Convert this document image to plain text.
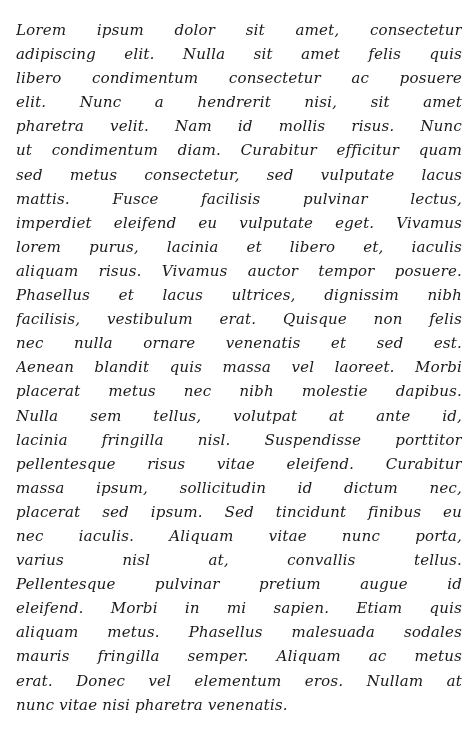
Lorem ipsum dolor sit amet, consectetur
adipiscing elit. Nulla sit amet felis quis
libero condimentum consectetur ac posuere
elit. Nunc a hendrerit nisi, sit amet
pharetra velit. Nam id mollis risus. Nunc
ut condimentum diam. Curabitur efficitur quam
sed metus consectetur, sed vulputate lacus
mattis. Fusce facilisis pulvinar lectus,
imperdiet eleifend eu vulputate eget. Vivamus
lorem purus, lacinia et libero et, iaculis
aliquam risus. Vivamus auctor tempor posuere.
Phasellus et lacus ultrices, dignissim nibh
facilisis, vestibulum erat. Quisque non felis
nec nulla ornare venenatis et sed est.
Aenean blandit quis massa vel laoreet. Morbi
placerat metus nec nibh molestie dapibus.
Nulla sem tellus, volutpat at ante id,
lacinia fringilla nisl. Suspendisse porttitor
pellentesque risus vitae eleifend. Curabitur
massa ipsum, sollicitudin id dictum nec,
placerat sed ipsum. Sed tincidunt finibus eu
nec iaculis. Aliquam vitae nunc porta,
varius nisl at, convallis tellus.
Pellentesque pulvinar pretium augue id
eleifend. Morbi in mi sapien. Etiam quis
aliquam metus. Phasellus malesuada sodales
mauris fringilla semper. Aliquam ac metus
erat. Donec vel elementum eros. Nullam at
nunc vitae nisi pharetra venenatis.
